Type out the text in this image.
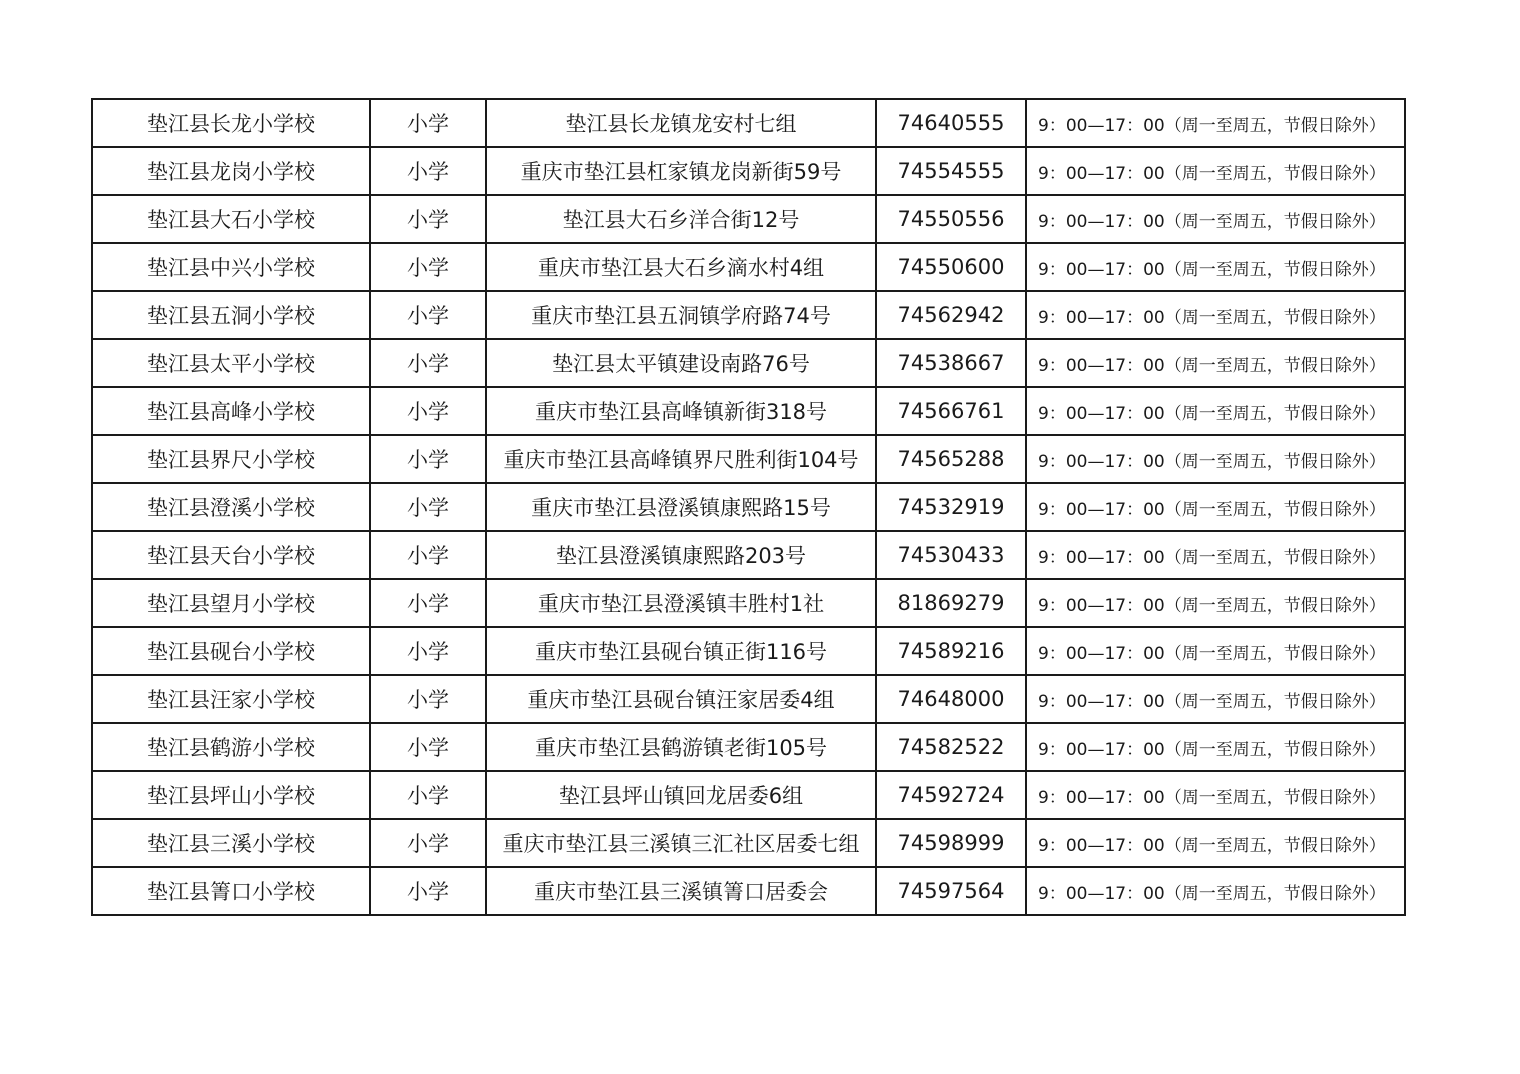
垫江县长龙小学校	小学	垫江县长龙镇龙安村七组	74640555	9：00—17：00（周一至周五，节假日除外）
垫江县龙岗小学校	小学	重庆市垫江县杠家镇龙岗新街59号	74554555	9：00—17：00（周一至周五，节假日除外）
垫江县大石小学校	小学	垫江县大石乡洋合街12号	74550556	9：00—17：00（周一至周五，节假日除外）
垫江县中兴小学校	小学	重庆市垫江县大石乡滴水村4组	74550600	9：00—17：00（周一至周五，节假日除外）
垫江县五洞小学校	小学	重庆市垫江县五洞镇学府路74号	74562942	9：00—17：00（周一至周五，节假日除外）
垫江县太平小学校	小学	垫江县太平镇建设南路76号	74538667	9：00—17：00（周一至周五，节假日除外）
垫江县高峰小学校	小学	重庆市垫江县高峰镇新街318号	74566761	9：00—17：00（周一至周五，节假日除外）
垫江县界尺小学校	小学	重庆市垫江县高峰镇界尺胜利街104号	74565288	9：00—17：00（周一至周五，节假日除外）
垫江县澄溪小学校	小学	重庆市垫江县澄溪镇康熙路15号	74532919	9：00—17：00（周一至周五，节假日除外）
垫江县天台小学校	小学	垫江县澄溪镇康熙路203号	74530433	9：00—17：00（周一至周五，节假日除外）
垫江县望月小学校	小学	重庆市垫江县澄溪镇丰胜村1社	81869279	9：00—17：00（周一至周五，节假日除外）
垫江县砚台小学校	小学	重庆市垫江县砚台镇正街116号	74589216	9：00—17：00（周一至周五，节假日除外）
垫江县汪家小学校	小学	重庆市垫江县砚台镇汪家居委4组	74648000	9：00—17：00（周一至周五，节假日除外）
垫江县鹤游小学校	小学	重庆市垫江县鹤游镇老街105号	74582522	9：00—17：00（周一至周五，节假日除外）
垫江县坪山小学校	小学	垫江县坪山镇回龙居委6组	74592724	9：00—17：00（周一至周五，节假日除外）
垫江县三溪小学校	小学	重庆市垫江县三溪镇三汇社区居委七组	74598999	9：00—17：00（周一至周五，节假日除外）
垫江县箐口小学校	小学	重庆市垫江县三溪镇箐口居委会	74597564	9：00—17：00（周一至周五，节假日除外）
